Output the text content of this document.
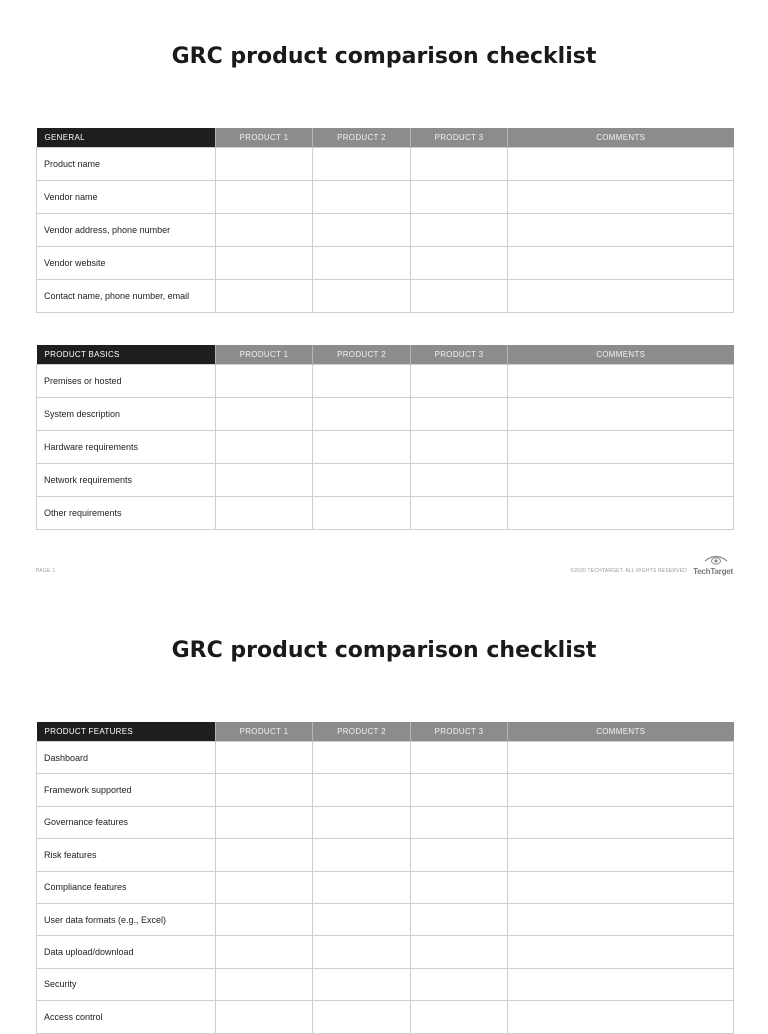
GRC product comparison checklist
GENERAL	PRODUCT 1	PRODUCT 2	PRODUCT 3	COMMENTS
Product name				
Vendor name				
Vendor address, phone number				
Vendor website				
Contact name, phone number, email				
PRODUCT BASICS	PRODUCT 1	PRODUCT 2	PRODUCT 3	COMMENTS
Premises or hosted				
System description				
Hardware requirements				
Network requirements				
Other requirements				
PAGE 1	©2020 TECHTARGET. ALL RIGHTS RESERVED TechTarget
GRC product comparison checklist
PRODUCT FEATURES	PRODUCT 1	PRODUCT 2	PRODUCT 3	COMMENTS
Dashboard				
Framework supported				
Governance features				
Risk features				
Compliance features				
User data formats (e.g., Excel)				
Data upload/download				
Security				
Access control				
